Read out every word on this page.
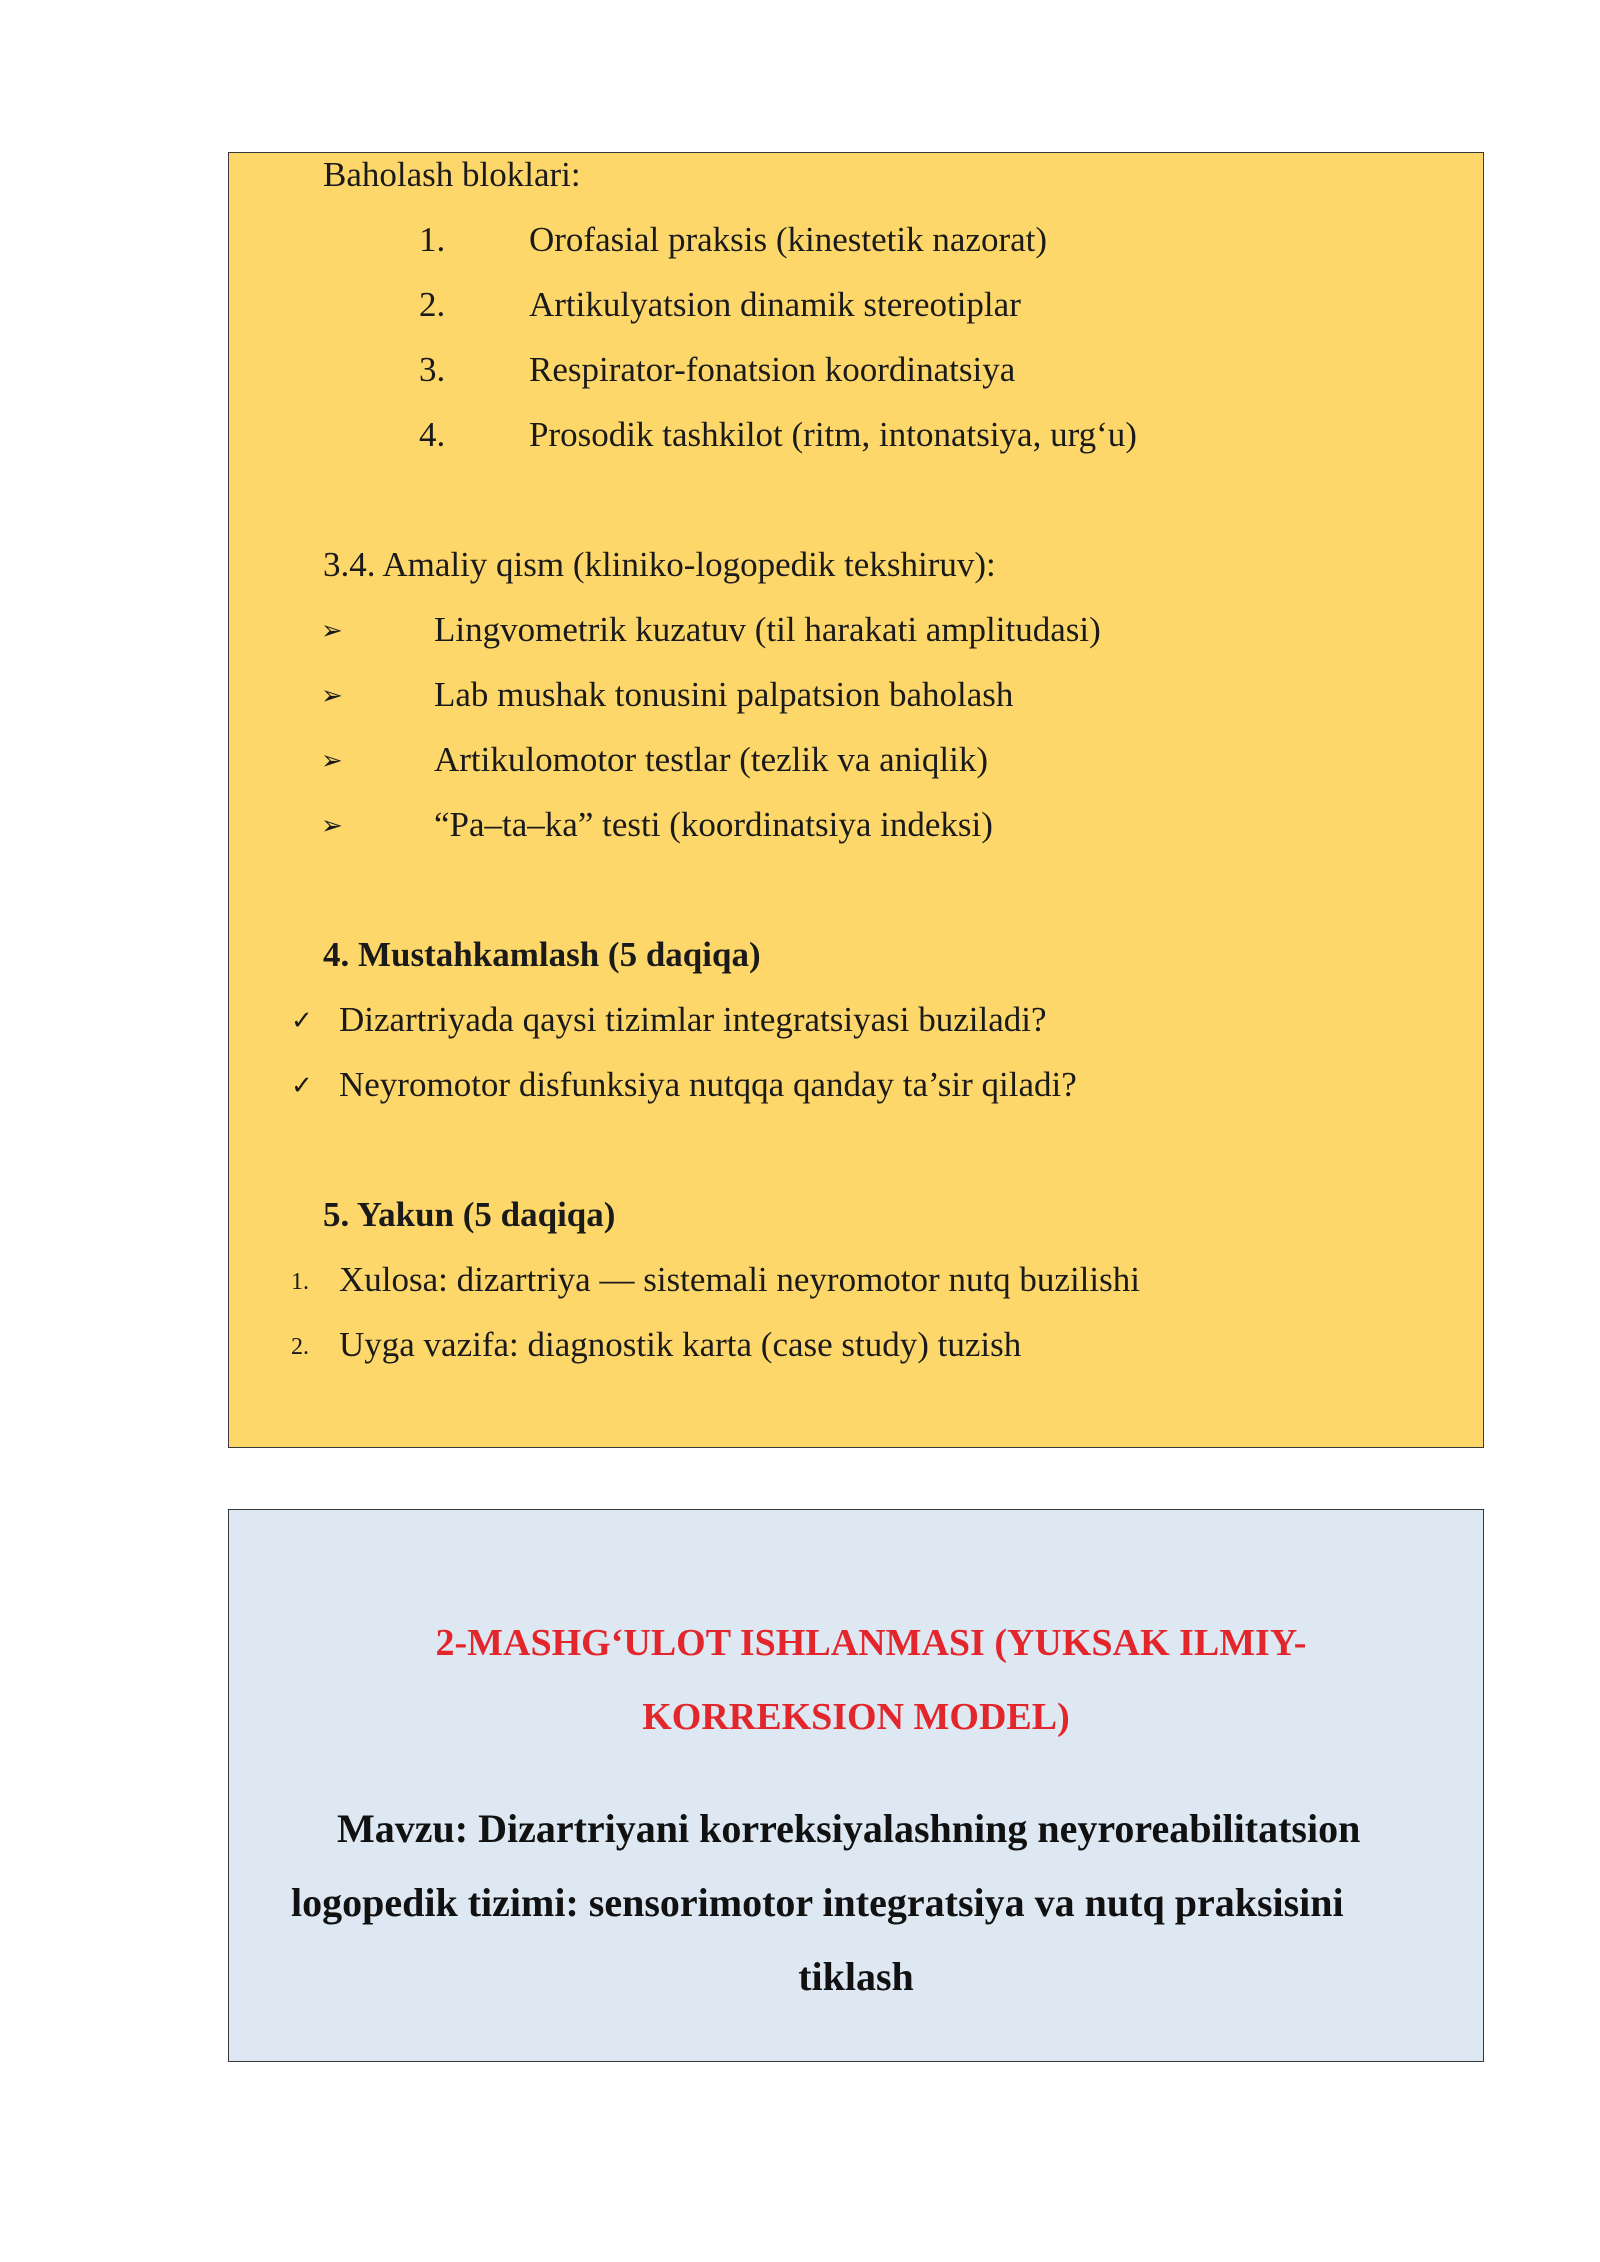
Baholash bloklari:
1. Orofasial praksis (kinestetik nazorat)
2. Artikulyatsion dinamik stereotiplar
3. Respirator-fonatsion koordinatsiya
4. Prosodik tashkilot (ritm, intonatsiya, urg‘u)
3.4. Amaliy qism (kliniko-logopedik tekshiruv):
➢	Lingvometrik kuzatuv (til harakati amplitudasi)
➢	Lab mushak tonusini palpatsion baholash
➢	Artikulomotor testlar (tezlik va aniqlik)
➢	“Pa–ta–ka” testi (koordinatsiya indeksi)
4. Mustahkamlash (5 daqiqa)
✓ Dizartriyada qaysi tizimlar integratsiyasi buziladi?
✓ Neyromotor disfunksiya nutqqa qanday ta’sir qiladi?
5. Yakun (5 daqiqa)
1. Xulosa: dizartriya — sistemali neyromotor nutq buzilishi
2. Uyga vazifa: diagnostik karta (case study) tuzish
2-MASHG‘ULOT ISHLANMASI (YUKSAK ILMIY-
KORREKSION MODEL)
Mavzu: Dizartriyani korreksiyalashning neyroreabilitatsion
logopedik tizimi: sensorimotor integratsiya va nutq praksisini
tiklash
